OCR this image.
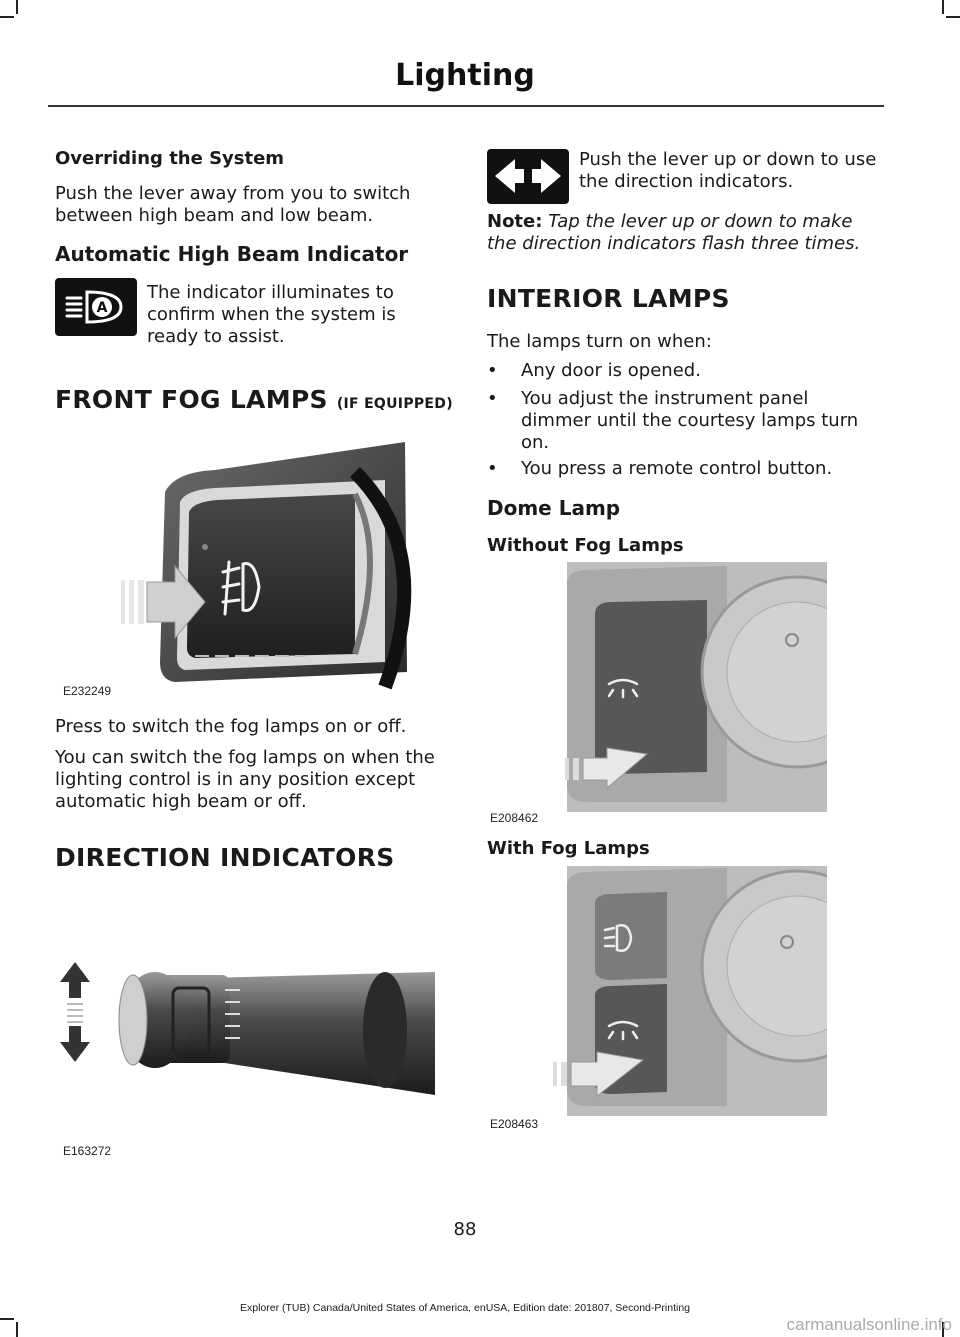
Lighting
Overriding the System
Push the lever away from you to switch between high beam and low beam.
Automatic High Beam Indicator
A
The indicator illuminates to confirm when the system is ready to assist.
FRONT FOG LAMPS (IF EQUIPPED)
E232249
Press to switch the fog lamps on or off.
You can switch the fog lamps on when the lighting control is in any position except automatic high beam or off.
DIRECTION INDICATORS
E163272
Push the lever up or down to use the direction indicators.
Note: Tap the lever up or down to make the direction indicators flash three times.
INTERIOR LAMPS
The lamps turn on when:
•	Any door is opened.
•	You adjust the instrument panel dimmer until the courtesy lamps turn on.
•	You press a remote control button.
Dome Lamp
Without Fog Lamps
E208462
With Fog Lamps
E208463
88
Explorer (TUB) Canada/United States of America, enUSA, Edition date: 201807, Second-Printing
carmanualsonline.info
